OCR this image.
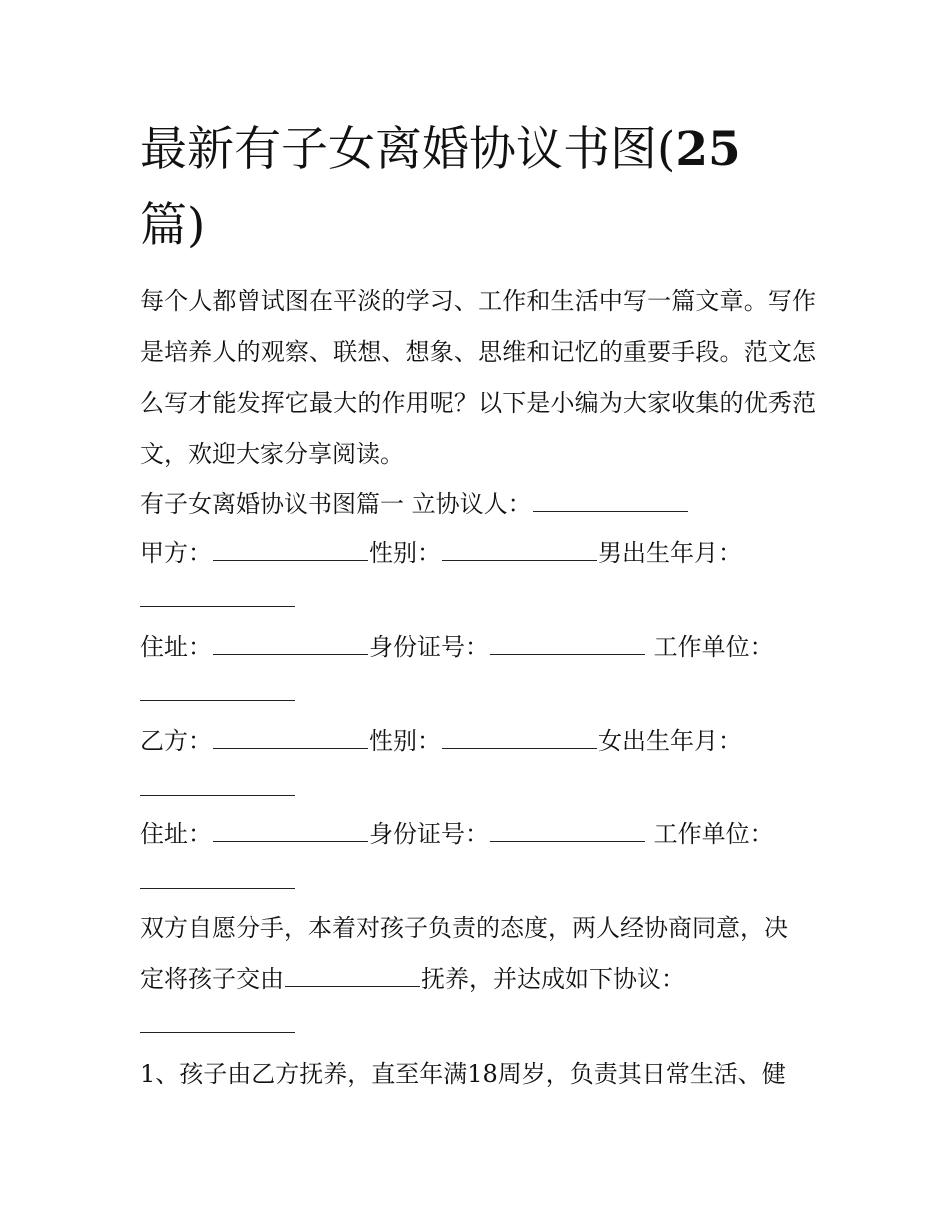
最新有子女离婚协议书图(25
篇)

每个人都曾试图在平淡的学习、工作和生活中写一篇文章。写作是培养人的观察、联想、想象、思维和记忆的重要手段。范文怎么写才能发挥它最大的作用呢？以下是小编为大家收集的优秀范文，欢迎大家分享阅读。

有子女离婚协议书图篇一 立协议人：
甲方：	性别：	男出生年月：
住址：	身份证号：	工作单位：
乙方：	性别：	女出生年月：
住址：	身份证号：	工作单位：
双方自愿分手，本着对孩子负责的态度，两人经协商同意，决
定将孩子交由	抚养，并达成如下协议：
1、孩子由乙方抚养，直至年满18周岁，负责其日常生活、健
